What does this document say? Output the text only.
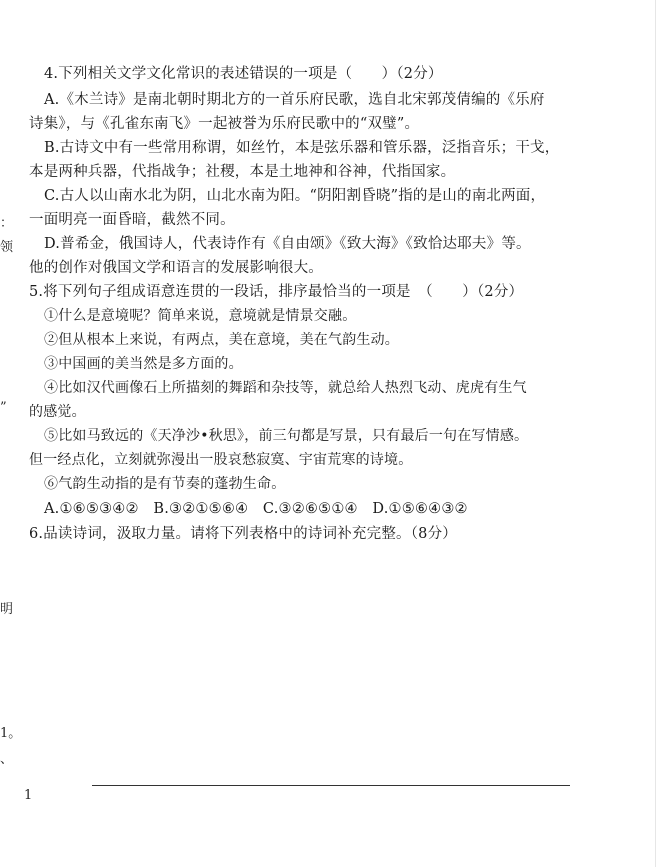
4.下列相关文学文化常识的表述错误的一项是（　　）（2分）
A.《木兰诗》是南北朝时期北方的一首乐府民歌，选自北宋郭茂倩编的《乐府
诗集》，与《孔雀东南飞》一起被誉为乐府民歌中的“双璧”。
B.古诗文中有一些常用称谓，如丝竹，本是弦乐器和管乐器，泛指音乐；干戈，
本是两种兵器，代指战争；社稷，本是土地神和谷神，代指国家。
C.古人以山南水北为阴，山北水南为阳。“阴阳割昏晓”指的是山的南北两面，
一面明亮一面昏暗，截然不同。
D.普希金，俄国诗人，代表诗作有《自由颂》《致大海》《致恰达耶夫》等。
他的创作对俄国文学和语言的发展影响很大。
5.将下列句子组成语意连贯的一段话，排序最恰当的一项是　（　　）（2分）
①什么是意境呢？简单来说，意境就是情景交融。
②但从根本上来说，有两点，美在意境，美在气韵生动。
③中国画的美当然是多方面的。
④比如汉代画像石上所描刻的舞蹈和杂技等，就总给人热烈飞动、虎虎有生气
的感觉。
⑤比如马致远的《天净沙•秋思》，前三句都是写景，只有最后一句在写情感。
但一经点化，立刻就弥漫出一股哀愁寂寞、宇宙荒寒的诗境。
⑥气韵生动指的是有节奏的蓬勃生命。
A.①⑥⑤③④②　B.③②①⑤⑥④　C.③②⑥⑤①④　D.①⑤⑥④③②
6.品读诗词，汲取力量。请将下列表格中的诗词补充完整。（8分）
：
领
”
明
1。
、
1
